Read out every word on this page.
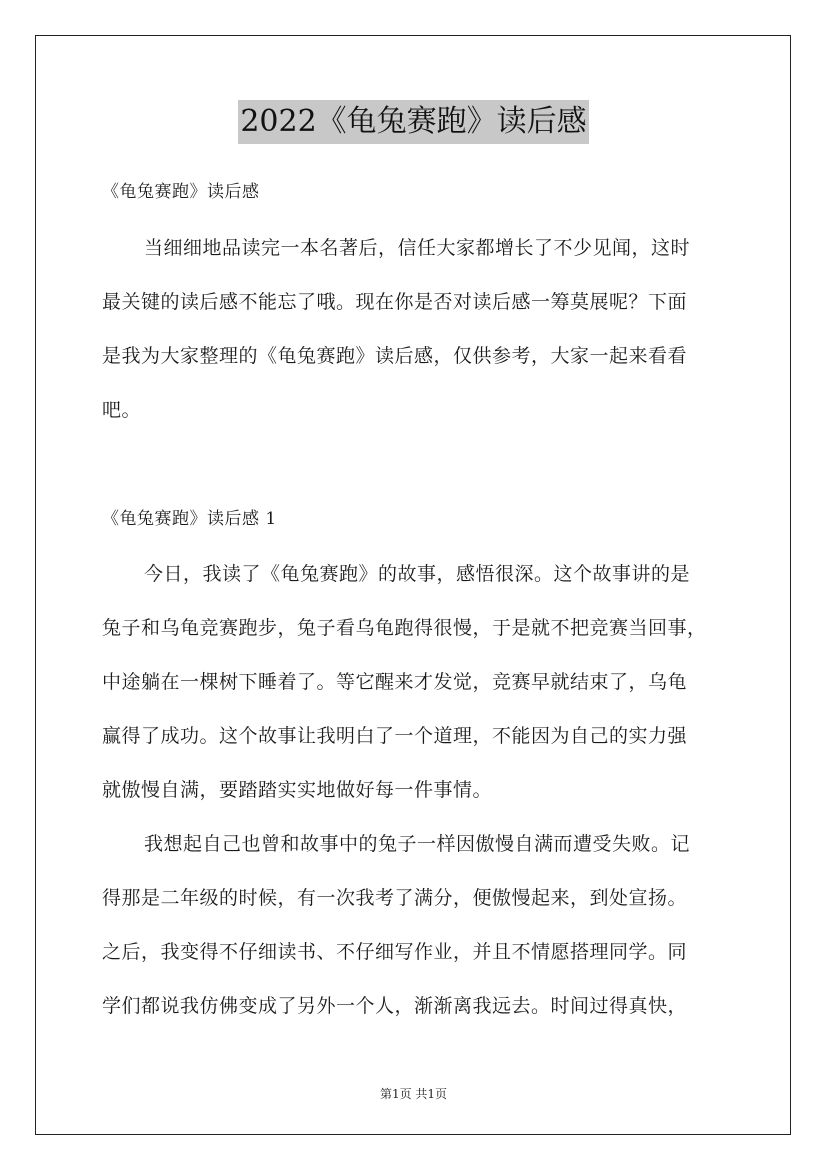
2022《龟兔赛跑》读后感
《龟兔赛跑》读后感
当细细地品读完一本名著后，信任大家都增长了不少见闻，这时
最关键的读后感不能忘了哦。现在你是否对读后感一筹莫展呢？下面
是我为大家整理的《龟兔赛跑》读后感，仅供参考，大家一起来看看
吧。
《龟兔赛跑》读后感 1
今日，我读了《龟兔赛跑》的故事，感悟很深。这个故事讲的是
兔子和乌龟竞赛跑步，兔子看乌龟跑得很慢，于是就不把竞赛当回事，
中途躺在一棵树下睡着了。等它醒来才发觉，竞赛早就结束了，乌龟
赢得了成功。这个故事让我明白了一个道理，不能因为自己的实力强
就傲慢自满，要踏踏实实地做好每一件事情。
我想起自己也曾和故事中的兔子一样因傲慢自满而遭受失败。记
得那是二年级的时候，有一次我考了满分，便傲慢起来，到处宣扬。
之后，我变得不仔细读书、不仔细写作业，并且不情愿搭理同学。同
学们都说我仿佛变成了另外一个人，渐渐离我远去。时间过得真快，
第1页 共1页
